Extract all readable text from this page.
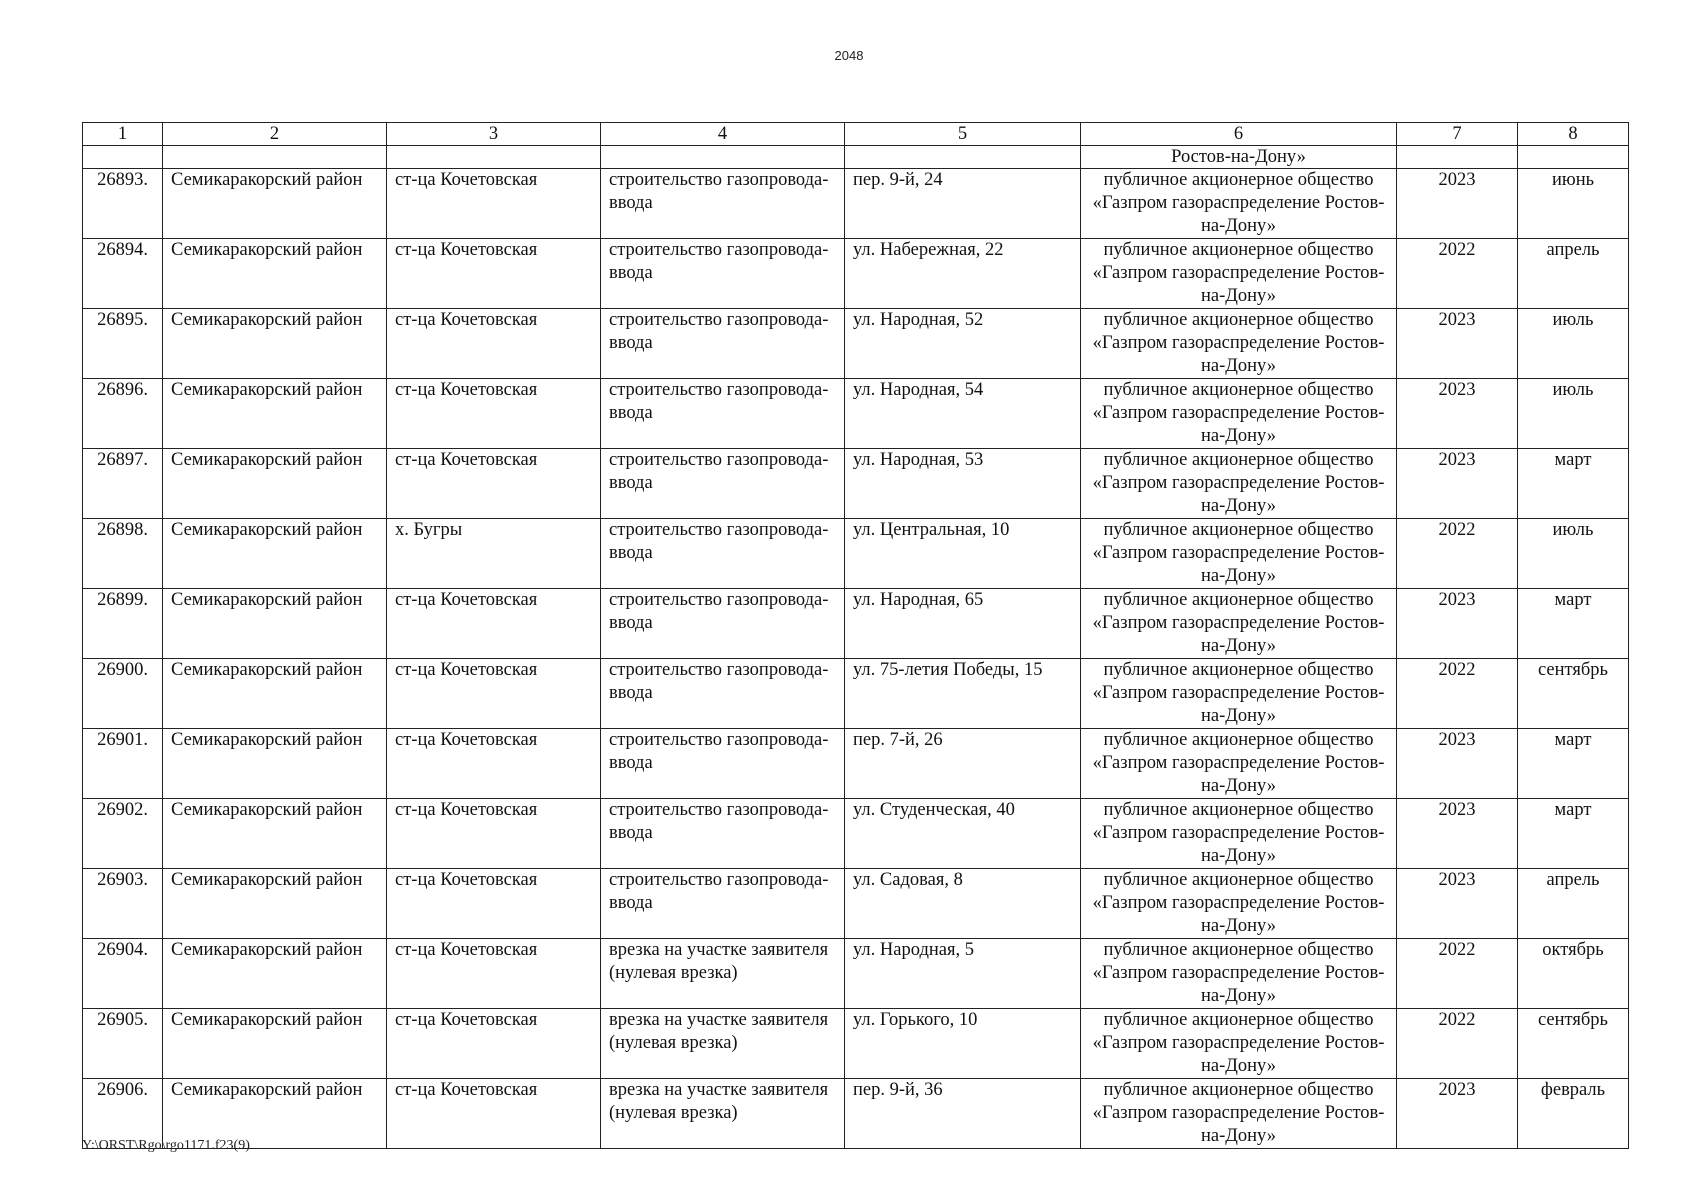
2048
1	2	3	4	5	6	7	8
					Ростов-на-Дону»		
26893.	Семикаракорский район	ст-ца Кочетовская	строительство газопровода-ввода	пер. 9-й, 24	публичное акционерное общество «Газпром газораспределение Ростов-на-Дону»	2023	июнь
26894.	Семикаракорский район	ст-ца Кочетовская	строительство газопровода-ввода	ул. Набережная, 22	публичное акционерное общество «Газпром газораспределение Ростов-на-Дону»	2022	апрель
26895.	Семикаракорский район	ст-ца Кочетовская	строительство газопровода-ввода	ул. Народная, 52	публичное акционерное общество «Газпром газораспределение Ростов-на-Дону»	2023	июль
26896.	Семикаракорский район	ст-ца Кочетовская	строительство газопровода-ввода	ул. Народная, 54	публичное акционерное общество «Газпром газораспределение Ростов-на-Дону»	2023	июль
26897.	Семикаракорский район	ст-ца Кочетовская	строительство газопровода-ввода	ул. Народная, 53	публичное акционерное общество «Газпром газораспределение Ростов-на-Дону»	2023	март
26898.	Семикаракорский район	х. Бугры	строительство газопровода-ввода	ул. Центральная, 10	публичное акционерное общество «Газпром газораспределение Ростов-на-Дону»	2022	июль
26899.	Семикаракорский район	ст-ца Кочетовская	строительство газопровода-ввода	ул. Народная, 65	публичное акционерное общество «Газпром газораспределение Ростов-на-Дону»	2023	март
26900.	Семикаракорский район	ст-ца Кочетовская	строительство газопровода-ввода	ул. 75-летия Победы, 15	публичное акционерное общество «Газпром газораспределение Ростов-на-Дону»	2022	сентябрь
26901.	Семикаракорский район	ст-ца Кочетовская	строительство газопровода-ввода	пер. 7-й, 26	публичное акционерное общество «Газпром газораспределение Ростов-на-Дону»	2023	март
26902.	Семикаракорский район	ст-ца Кочетовская	строительство газопровода-ввода	ул. Студенческая, 40	публичное акционерное общество «Газпром газораспределение Ростов-на-Дону»	2023	март
26903.	Семикаракорский район	ст-ца Кочетовская	строительство газопровода-ввода	ул. Садовая, 8	публичное акционерное общество «Газпром газораспределение Ростов-на-Дону»	2023	апрель
26904.	Семикаракорский район	ст-ца Кочетовская	врезка на участке заявителя (нулевая врезка)	ул. Народная, 5	публичное акционерное общество «Газпром газораспределение Ростов-на-Дону»	2022	октябрь
26905.	Семикаракорский район	ст-ца Кочетовская	врезка на участке заявителя (нулевая врезка)	ул. Горького, 10	публичное акционерное общество «Газпром газораспределение Ростов-на-Дону»	2022	сентябрь
26906.	Семикаракорский район	ст-ца Кочетовская	врезка на участке заявителя (нулевая врезка)	пер. 9-й, 36	публичное акционерное общество «Газпром газораспределение Ростов-на-Дону»	2023	февраль
Y:\ORST\Rgo\rgo1171.f23(9)
